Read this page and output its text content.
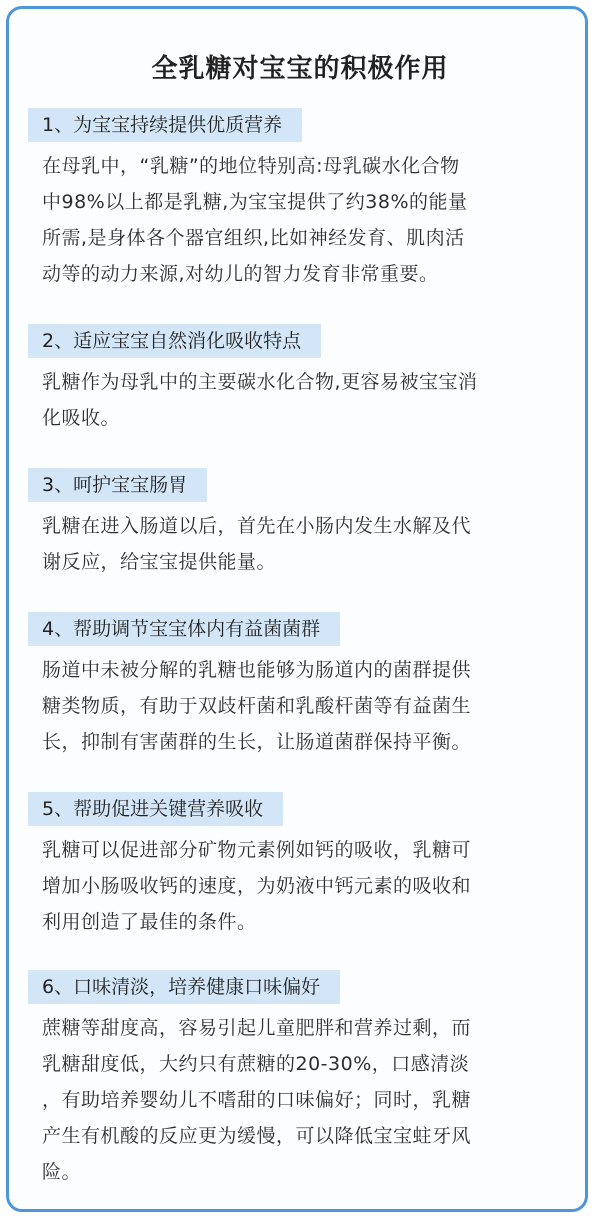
全乳糖对宝宝的积极作用
1、为宝宝持续提供优质营养
在母乳中，“乳糖”的地位特别高:母乳碳水化合物
中98%以上都是乳糖,为宝宝提供了约38%的能量
所需,是身体各个器官组织,比如神经发育、肌肉活
动等的动力来源,对幼儿的智力发育非常重要。
2、适应宝宝自然消化吸收特点
乳糖作为母乳中的主要碳水化合物,更容易被宝宝消
化吸收。
3、呵护宝宝肠胃
乳糖在进入肠道以后，首先在小肠内发生水解及代
谢反应，给宝宝提供能量。
4、帮助调节宝宝体内有益菌菌群
肠道中未被分解的乳糖也能够为肠道内的菌群提供
糖类物质，有助于双歧杆菌和乳酸杆菌等有益菌生
长，抑制有害菌群的生长，让肠道菌群保持平衡。
5、帮助促进关键营养吸收
乳糖可以促进部分矿物元素例如钙的吸收，乳糖可
增加小肠吸收钙的速度，为奶液中钙元素的吸收和
利用创造了最佳的条件。
6、口味清淡，培养健康口味偏好
蔗糖等甜度高，容易引起儿童肥胖和营养过剩，而
乳糖甜度低，大约只有蔗糖的20-30%，口感清淡
，有助培养婴幼儿不嗜甜的口味偏好；同时，乳糖
产生有机酸的反应更为缓慢，可以降低宝宝蛀牙风
险。
